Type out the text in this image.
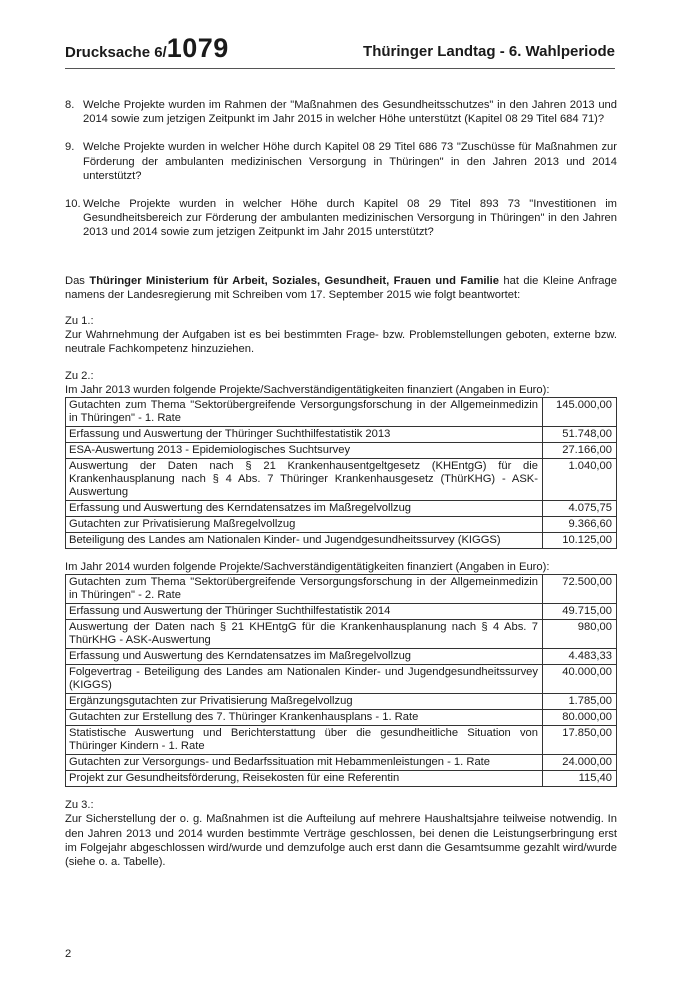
Drucksache 6/1079	Thüringer Landtag - 6. Wahlperiode
8. Welche Projekte wurden im Rahmen der "Maßnahmen des Gesundheitsschutzes" in den Jahren 2013 und 2014 sowie zum jetzigen Zeitpunkt im Jahr 2015 in welcher Höhe unterstützt (Kapitel 08 29 Titel 684 71)?
9. Welche Projekte wurden in welcher Höhe durch Kapitel 08 29 Titel 686 73 "Zuschüsse für Maßnahmen zur Förderung der ambulanten medizinischen Versorgung in Thüringen" in den Jahren 2013 und 2014 unterstützt?
10. Welche Projekte wurden in welcher Höhe durch Kapitel 08 29 Titel 893 73 "Investitionen im Gesundheitsbereich zur Förderung der ambulanten medizinischen Versorgung in Thüringen" in den Jahren 2013 und 2014 sowie zum jetzigen Zeitpunkt im Jahr 2015 unterstützt?

Das Thüringer Ministerium für Arbeit, Soziales, Gesundheit, Frauen und Familie hat die Kleine Anfrage namens der Landesregierung mit Schreiben vom 17. September 2015 wie folgt beantwortet:

Zu 1.:

Zur Wahrnehmung der Aufgaben ist es bei bestimmten Frage- bzw. Problemstellungen geboten, externe bzw. neutrale Fachkompetenz hinzuziehen.

Zu 2.:

Im Jahr 2013 wurden folgende Projekte/Sachverständigentätigkeiten finanziert (Angaben in Euro):

Gutachten zum Thema "Sektorübergreifende Versorgungsforschung in der Allgemeinmedizin in Thüringen" - 1. Rate	145.000,00
Erfassung und Auswertung der Thüringer Suchthilfestatistik 2013	51.748,00
ESA-Auswertung 2013 - Epidemiologisches Suchtsurvey	27.166,00
Auswertung der Daten nach § 21 Krankenhausentgeltgesetz (KHEntgG) für die Krankenhausplanung nach § 4 Abs. 7 Thüringer Krankenhausgesetz (ThürKHG) - ASK-Auswertung	1.040,00
Erfassung und Auswertung des Kerndatensatzes im Maßregelvollzug	4.075,75
Gutachten zur Privatisierung Maßregelvollzug	9.366,60
Beteiligung des Landes am Nationalen Kinder- und Jugendgesundheitssurvey (KIGGS)	10.125,00

Im Jahr 2014 wurden folgende Projekte/Sachverständigentätigkeiten finanziert (Angaben in Euro):

Gutachten zum Thema "Sektorübergreifende Versorgungsforschung in der Allgemeinmedizin in Thüringen" - 2. Rate	72.500,00
Erfassung und Auswertung der Thüringer Suchthilfestatistik 2014	49.715,00
Auswertung der Daten nach § 21 KHEntgG für die Krankenhausplanung nach § 4 Abs. 7 ThürKHG - ASK-Auswertung	980,00
Erfassung und Auswertung des Kerndatensatzes im Maßregelvollzug	4.483,33
Folgevertrag - Beteiligung des Landes am Nationalen Kinder- und Jugendgesundheitssurvey (KIGGS)	40.000,00
Ergänzungsgutachten zur Privatisierung Maßregelvollzug	1.785,00
Gutachten zur Erstellung des 7. Thüringer Krankenhausplans - 1. Rate	80.000,00
Statistische Auswertung und Berichterstattung über die gesundheitliche Situation von Thüringer Kindern - 1. Rate	17.850,00
Gutachten zur Versorgungs- und Bedarfssituation mit Hebammenleistungen - 1. Rate	24.000,00
Projekt zur Gesundheitsförderung, Reisekosten für eine Referentin	115,40

Zu 3.:

Zur Sicherstellung der o. g. Maßnahmen ist die Aufteilung auf mehrere Haushaltsjahre teilweise notwendig. In den Jahren 2013 und 2014 wurden bestimmte Verträge geschlossen, bei denen die Leistungserbringung erst im Folgejahr abgeschlossen wird/wurde und demzufolge auch erst dann die Gesamtsumme gezahlt wird/wurde (siehe o. a. Tabelle).

2
